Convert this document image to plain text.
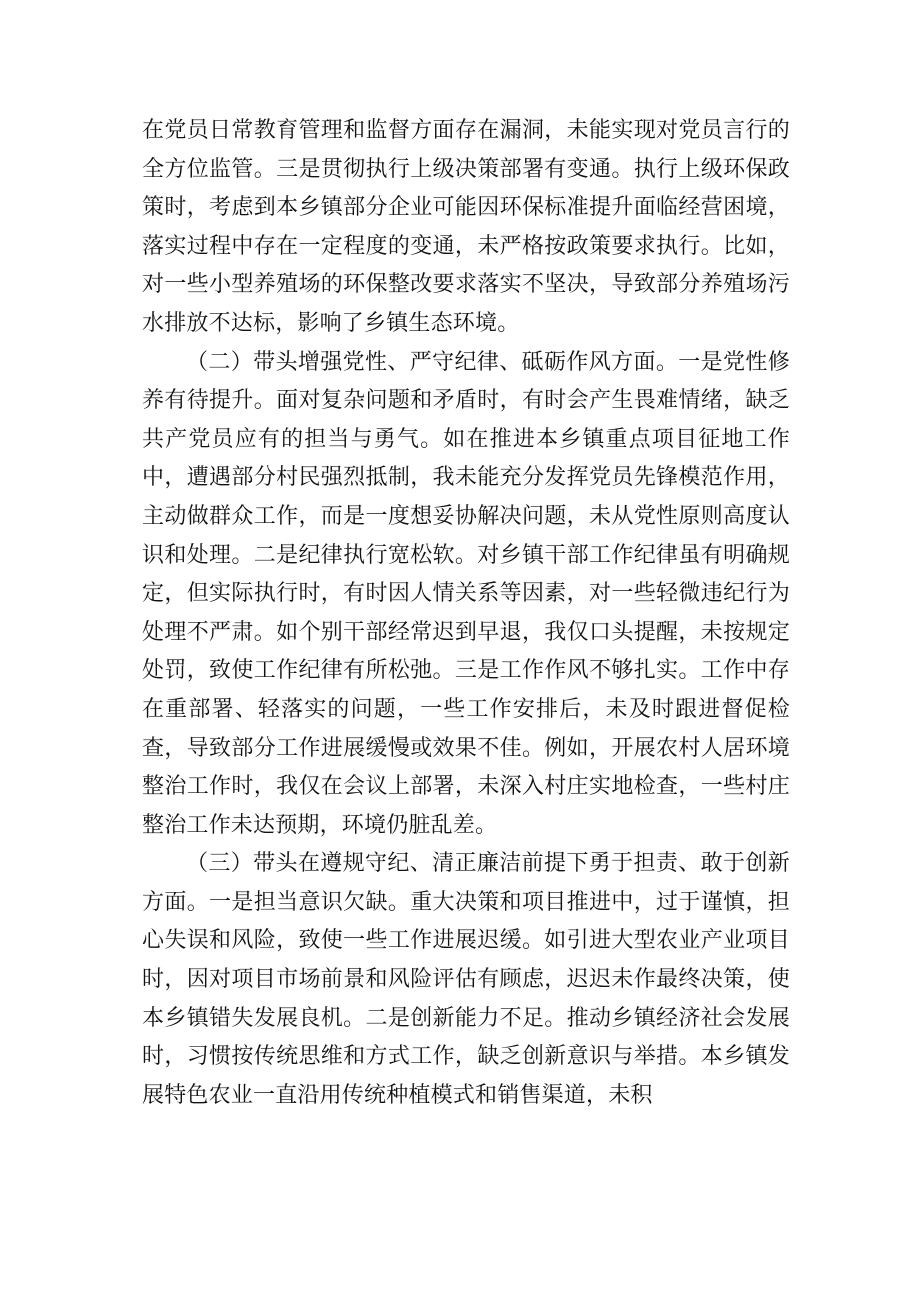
在党员日常教育管理和监督方面存在漏洞，未能实现对党员言行的全方位监管。三是贯彻执行上级决策部署有变通。执行上级环保政策时，考虑到本乡镇部分企业可能因环保标准提升面临经营困境，落实过程中存在一定程度的变通，未严格按政策要求执行。比如，对一些小型养殖场的环保整改要求落实不坚决，导致部分养殖场污水排放不达标，影响了乡镇生态环境。

（二）带头增强党性、严守纪律、砥砺作风方面。一是党性修养有待提升。面对复杂问题和矛盾时，有时会产生畏难情绪，缺乏共产党员应有的担当与勇气。如在推进本乡镇重点项目征地工作中，遭遇部分村民强烈抵制，我未能充分发挥党员先锋模范作用，主动做群众工作，而是一度想妥协解决问题，未从党性原则高度认识和处理。二是纪律执行宽松软。对乡镇干部工作纪律虽有明确规定，但实际执行时，有时因人情关系等因素，对一些轻微违纪行为处理不严肃。如个别干部经常迟到早退，我仅口头提醒，未按规定处罚，致使工作纪律有所松弛。三是工作作风不够扎实。工作中存在重部署、轻落实的问题，一些工作安排后，未及时跟进督促检查，导致部分工作进展缓慢或效果不佳。例如，开展农村人居环境整治工作时，我仅在会议上部署，未深入村庄实地检查，一些村庄整治工作未达预期，环境仍脏乱差。

（三）带头在遵规守纪、清正廉洁前提下勇于担责、敢于创新方面。一是担当意识欠缺。重大决策和项目推进中，过于谨慎，担心失误和风险，致使一些工作进展迟缓。如引进大型农业产业项目时，因对项目市场前景和风险评估有顾虑，迟迟未作最终决策，使本乡镇错失发展良机。二是创新能力不足。推动乡镇经济社会发展时，习惯按传统思维和方式工作，缺乏创新意识与举措。本乡镇发展特色农业一直沿用传统种植模式和销售渠道，未积
